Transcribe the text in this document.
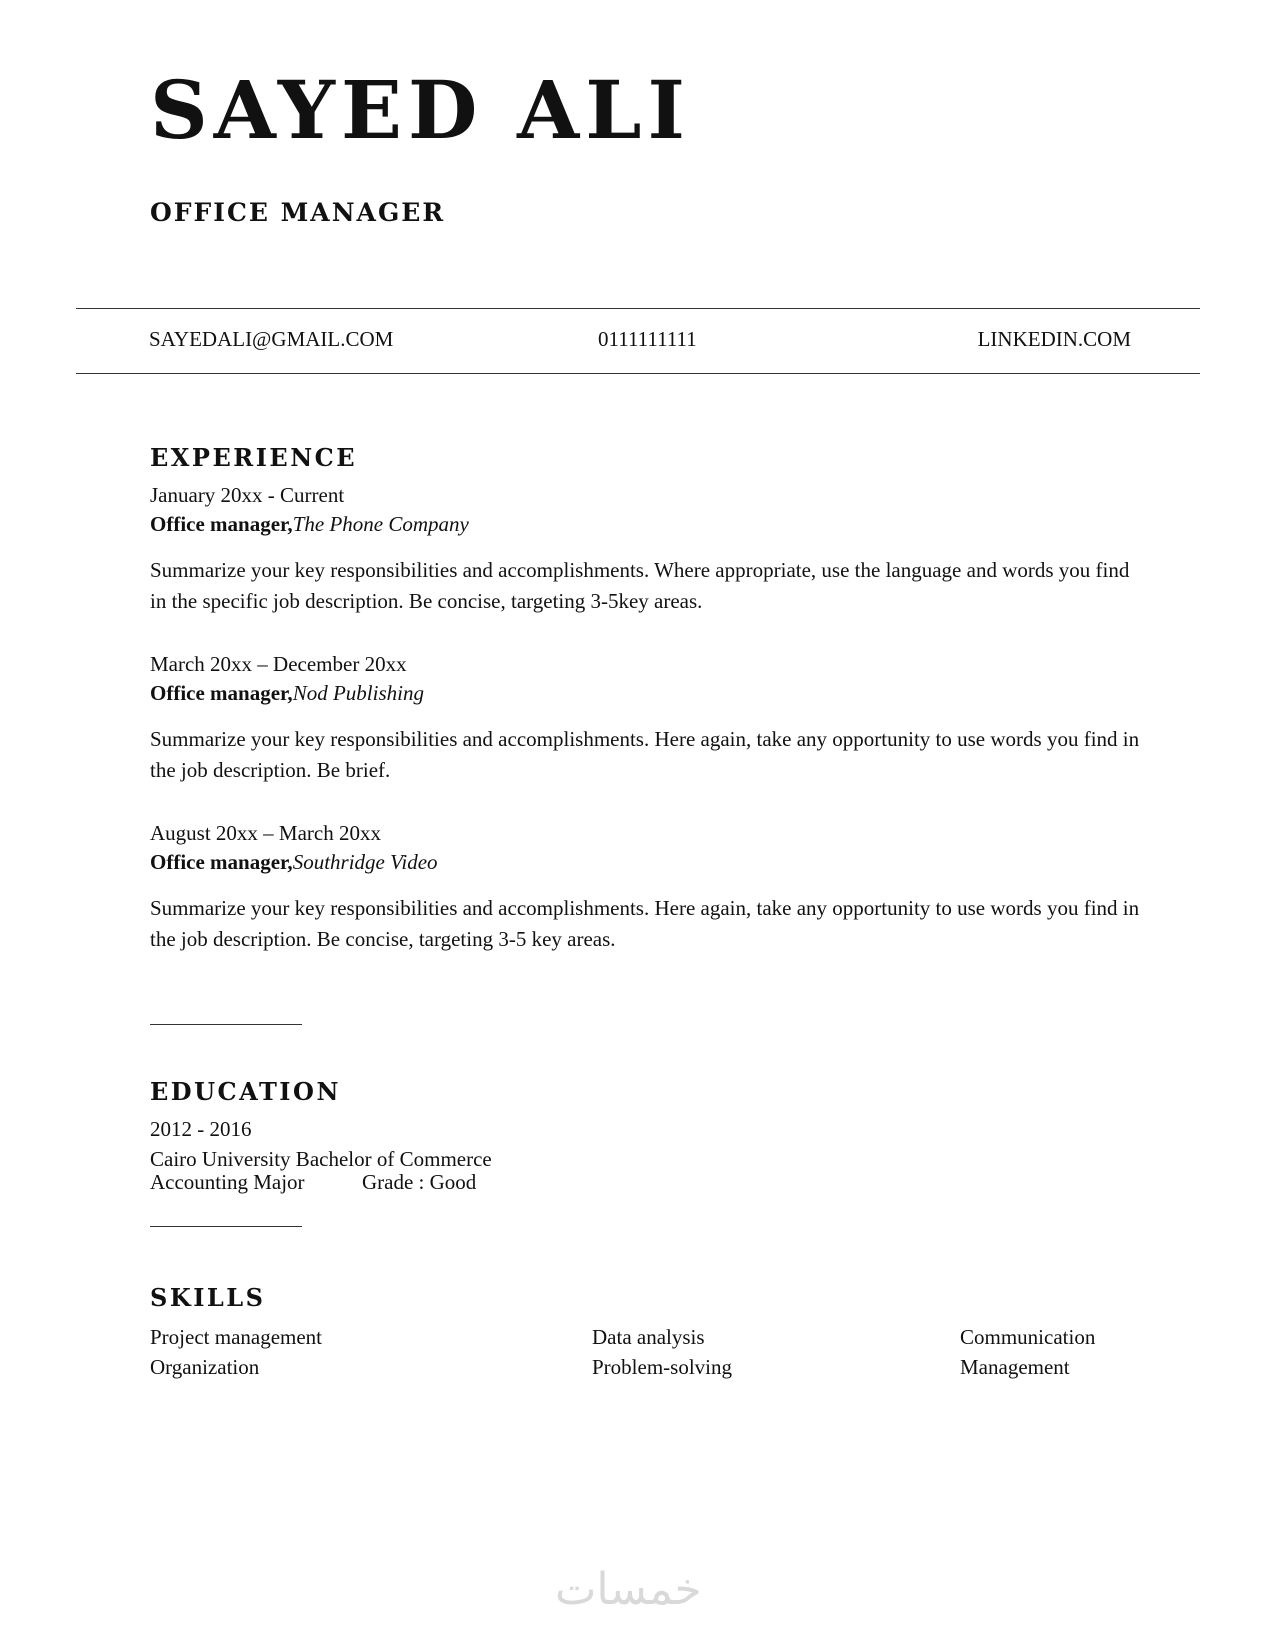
SAYED ALI
OFFICE MANAGER
SAYEDALI@GMAIL.COM	0111111111	LINKEDIN.COM
EXPERIENCE
January 20xx - Current
Office manager,The Phone Company
Summarize your key responsibilities and accomplishments. Where appropriate, use the language and words you find in the specific job description. Be concise, targeting 3-5key areas.
March 20xx – December 20xx
Office manager,Nod Publishing
Summarize your key responsibilities and accomplishments. Here again, take any opportunity to use words you find in the job description. Be brief.
August 20xx – March 20xx
Office manager,Southridge Video
Summarize your key responsibilities and accomplishments. Here again, take any opportunity to use words you find in the job description. Be concise, targeting 3-5 key areas.
EDUCATION
2012 - 2016
Cairo University Bachelor of Commerce
Accounting Major	Grade : Good
SKILLS
Project management	Data analysis	Communication
Organization	Problem-solving	Management
خمسات
